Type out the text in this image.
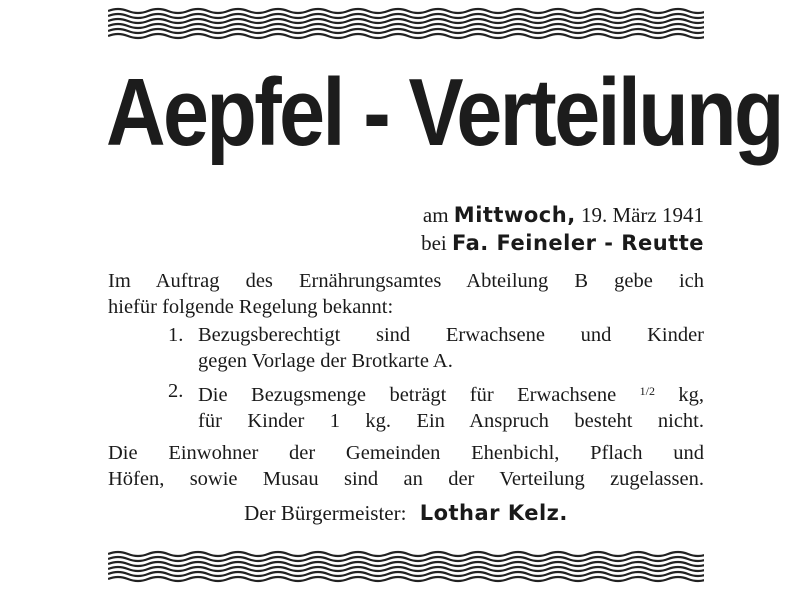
Aepfel - Verteilung
am Mittwoch, 19. März 1941
bei Fa. Feineler - Reutte
Im Auftrag des Ernährungsamtes Abteilung B gebe ich
hiefür folgende Regelung bekannt:
1. Bezugsberechtigt sind Erwachsene und Kinder
gegen Vorlage der Brotkarte A.
2. Die Bezugsmenge beträgt für Erwachsene $^{1/2}$ kg,
für Kinder 1 kg. Ein Anspruch besteht nicht.
Die Einwohner der Gemeinden Ehenbichl, Pflach und
Höfen, sowie Musau sind an der Verteilung zugelassen.
Der Bürgermeister: Lothar Kelz.
